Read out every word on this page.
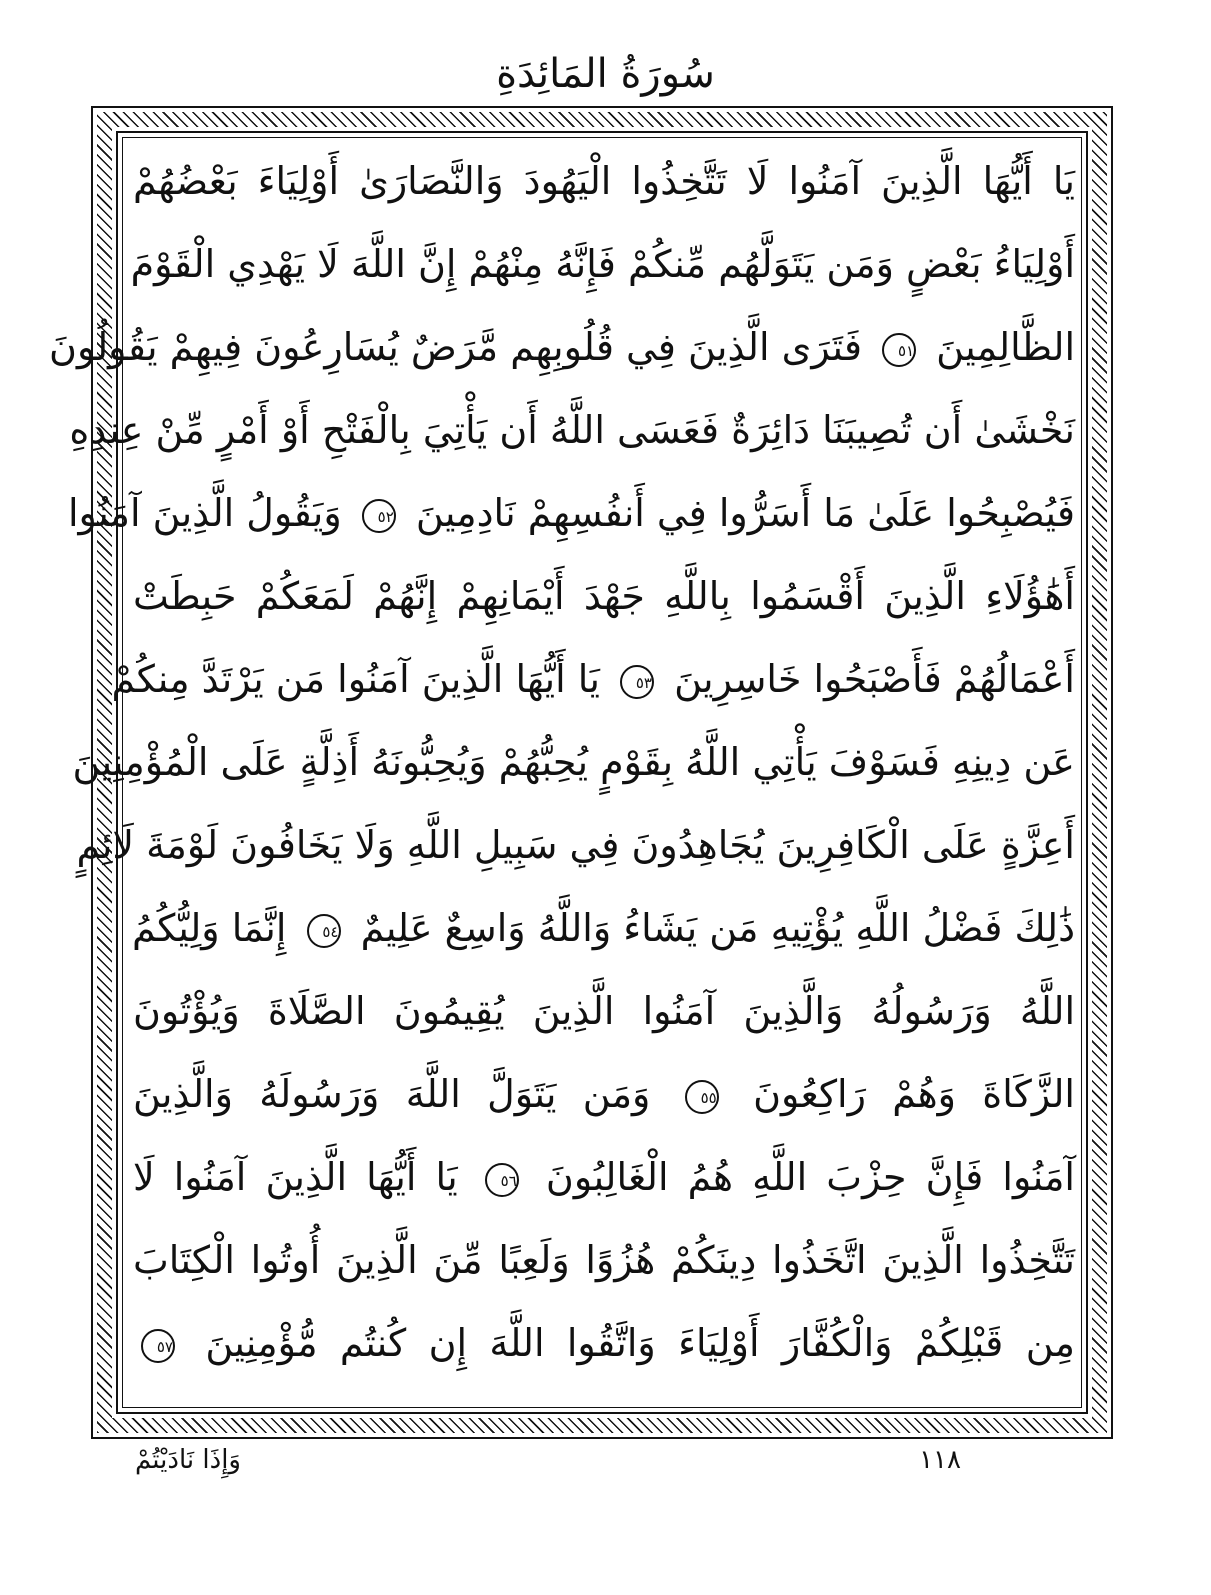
سُورَةُ المَائِدَةِ
يَا أَيُّهَا الَّذِينَ آمَنُوا لَا تَتَّخِذُوا الْيَهُودَ وَالنَّصَارَىٰ أَوْلِيَاءَ بَعْضُهُمْ
أَوْلِيَاءُ بَعْضٍ وَمَن يَتَوَلَّهُم مِّنكُمْ فَإِنَّهُ مِنْهُمْ إِنَّ اللَّهَ لَا يَهْدِي الْقَوْمَ
الظَّالِمِينَ ٥١ فَتَرَى الَّذِينَ فِي قُلُوبِهِم مَّرَضٌ يُسَارِعُونَ فِيهِمْ يَقُولُونَ
نَخْشَىٰ أَن تُصِيبَنَا دَائِرَةٌ فَعَسَى اللَّهُ أَن يَأْتِيَ بِالْفَتْحِ أَوْ أَمْرٍ مِّنْ عِندِهِ
فَيُصْبِحُوا عَلَىٰ مَا أَسَرُّوا فِي أَنفُسِهِمْ نَادِمِينَ ٥٢ وَيَقُولُ الَّذِينَ آمَنُوا
أَهَٰؤُلَاءِ الَّذِينَ أَقْسَمُوا بِاللَّهِ جَهْدَ أَيْمَانِهِمْ إِنَّهُمْ لَمَعَكُمْ حَبِطَتْ
أَعْمَالُهُمْ فَأَصْبَحُوا خَاسِرِينَ ٥٣ يَا أَيُّهَا الَّذِينَ آمَنُوا مَن يَرْتَدَّ مِنكُمْ
عَن دِينِهِ فَسَوْفَ يَأْتِي اللَّهُ بِقَوْمٍ يُحِبُّهُمْ وَيُحِبُّونَهُ أَذِلَّةٍ عَلَى الْمُؤْمِنِينَ
أَعِزَّةٍ عَلَى الْكَافِرِينَ يُجَاهِدُونَ فِي سَبِيلِ اللَّهِ وَلَا يَخَافُونَ لَوْمَةَ لَائِمٍ
ذَٰلِكَ فَضْلُ اللَّهِ يُؤْتِيهِ مَن يَشَاءُ وَاللَّهُ وَاسِعٌ عَلِيمٌ ٥٤ إِنَّمَا وَلِيُّكُمُ
اللَّهُ وَرَسُولُهُ وَالَّذِينَ آمَنُوا الَّذِينَ يُقِيمُونَ الصَّلَاةَ وَيُؤْتُونَ
الزَّكَاةَ وَهُمْ رَاكِعُونَ ٥٥ وَمَن يَتَوَلَّ اللَّهَ وَرَسُولَهُ وَالَّذِينَ
آمَنُوا فَإِنَّ حِزْبَ اللَّهِ هُمُ الْغَالِبُونَ ٥٦ يَا أَيُّهَا الَّذِينَ آمَنُوا لَا
تَتَّخِذُوا الَّذِينَ اتَّخَذُوا دِينَكُمْ هُزُوًا وَلَعِبًا مِّنَ الَّذِينَ أُوتُوا الْكِتَابَ
مِن قَبْلِكُمْ وَالْكُفَّارَ أَوْلِيَاءَ وَاتَّقُوا اللَّهَ إِن كُنتُم مُّؤْمِنِينَ ٥٧
وَإِذَا نَادَيْتُمْ	١١٨
